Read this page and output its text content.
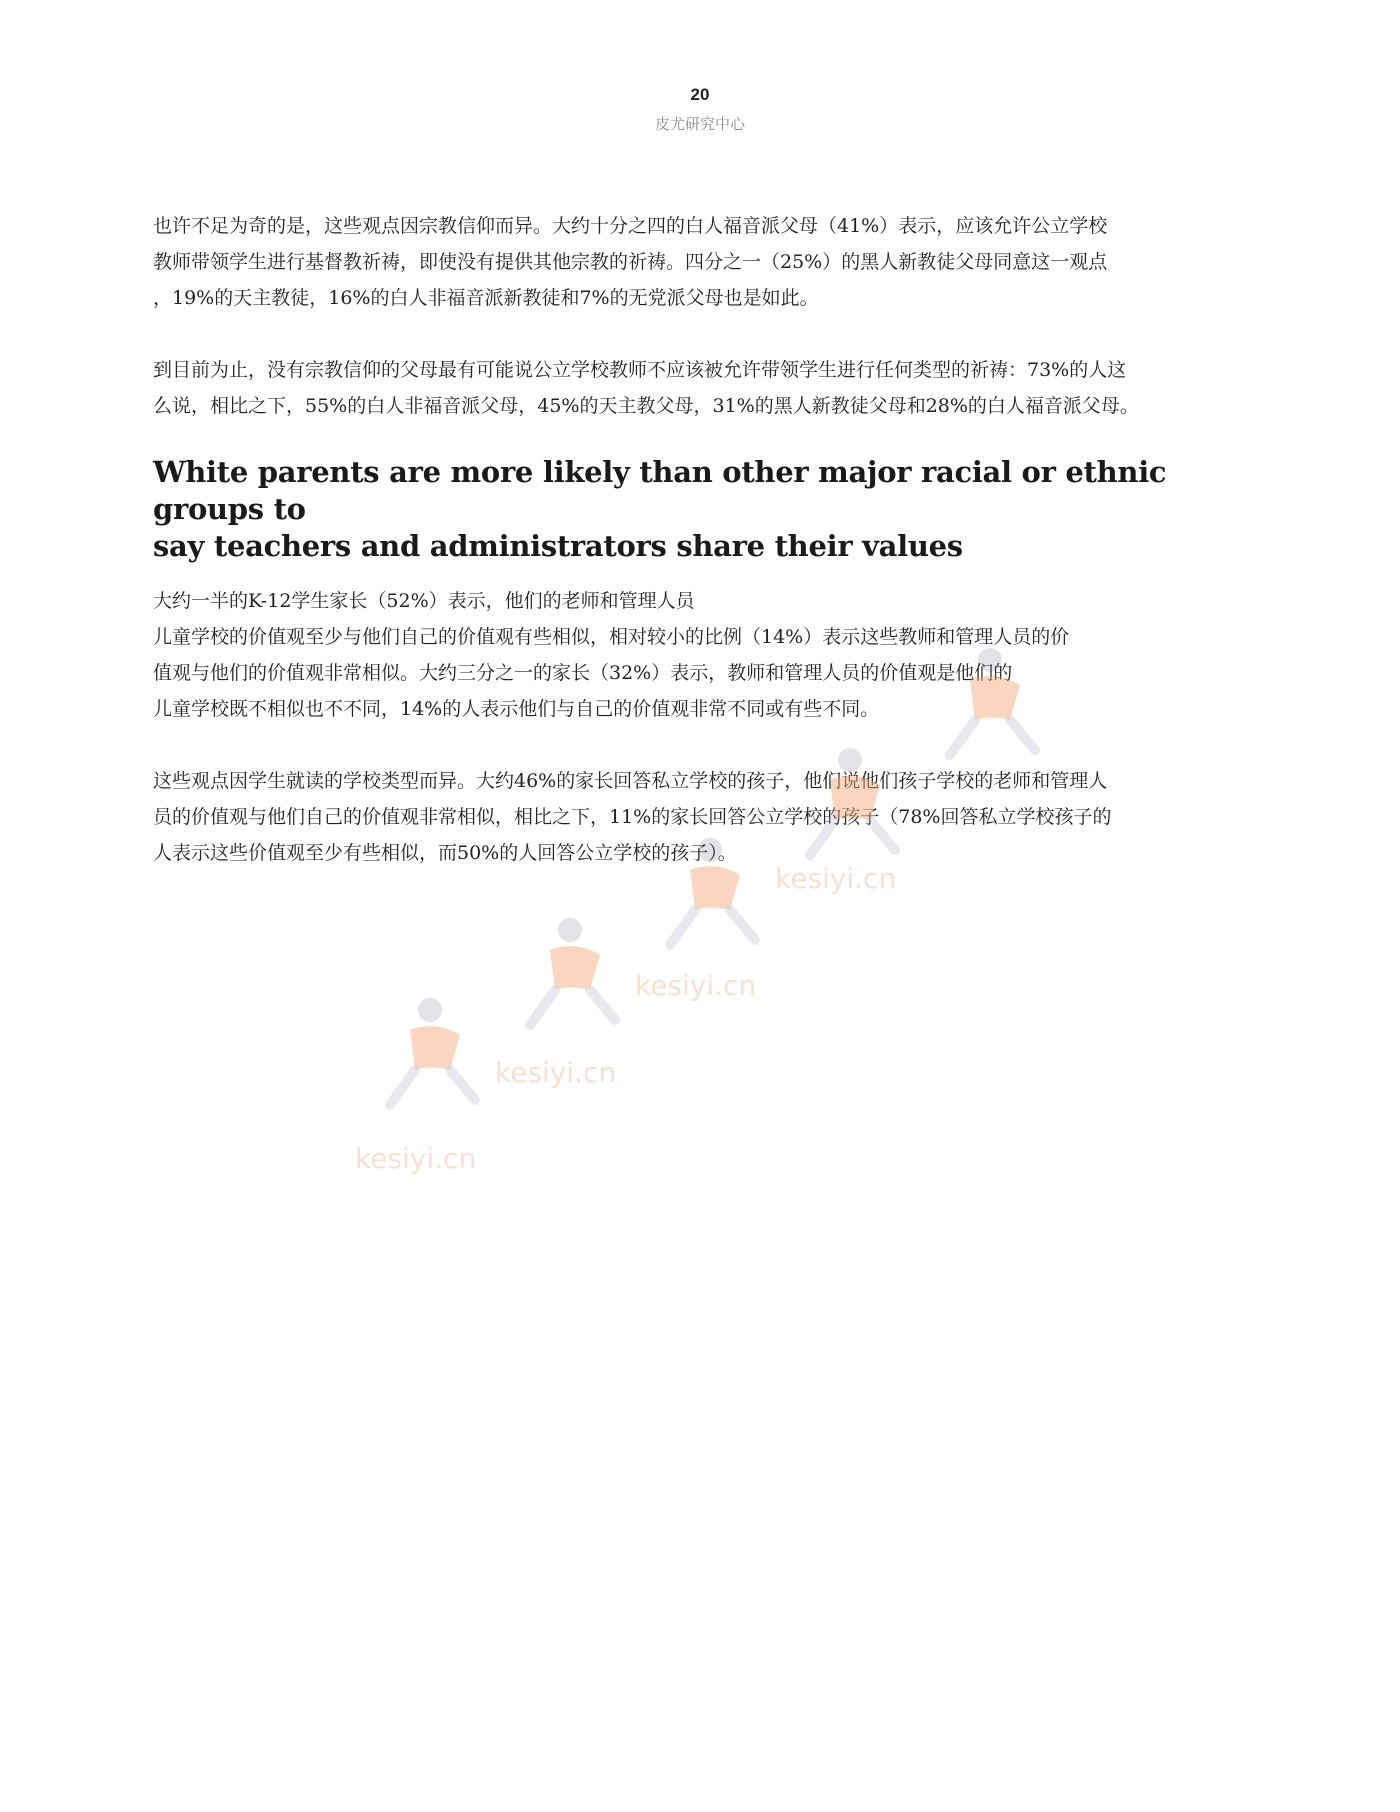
20
皮尤研究中心

也许不足为奇的是，这些观点因宗教信仰而异。大约十分之四的白人福音派父母（41%）表示，应该允许公立学校
教师带领学生进行基督教祈祷，即使没有提供其他宗教的祈祷。四分之一（25%）的黑人新教徒父母同意这一观点
，19%的天主教徒，16%的白人非福音派新教徒和7%的无党派父母也是如此。

到目前为止，没有宗教信仰的父母最有可能说公立学校教师不应该被允许带领学生进行任何类型的祈祷：73%的人这
么说，相比之下，55%的白人非福音派父母，45%的天主教父母，31%的黑人新教徒父母和28%的白人福音派父母。

White parents are more likely than other major racial or ethnic groups to
say teachers and administrators share their values

大约一半的K-12学生家长（52%）表示，他们的老师和管理人员
儿童学校的价值观至少与他们自己的价值观有些相似，相对较小的比例（14%）表示这些教师和管理人员的价
值观与他们的价值观非常相似。大约三分之一的家长（32%）表示，教师和管理人员的价值观是他们的
儿童学校既不相似也不不同，14%的人表示他们与自己的价值观非常不同或有些不同。

这些观点因学生就读的学校类型而异。大约46%的家长回答私立学校的孩子，他们说他们孩子学校的老师和管理人
员的价值观与他们自己的价值观非常相似，相比之下，11%的家长回答公立学校的孩子（78%回答私立学校孩子的
人表示这些价值观至少有些相似，而50%的人回答公立学校的孩子）。

kesiyi.cn
kesiyi.cn
kesiyi.cn
kesiyi.cn
